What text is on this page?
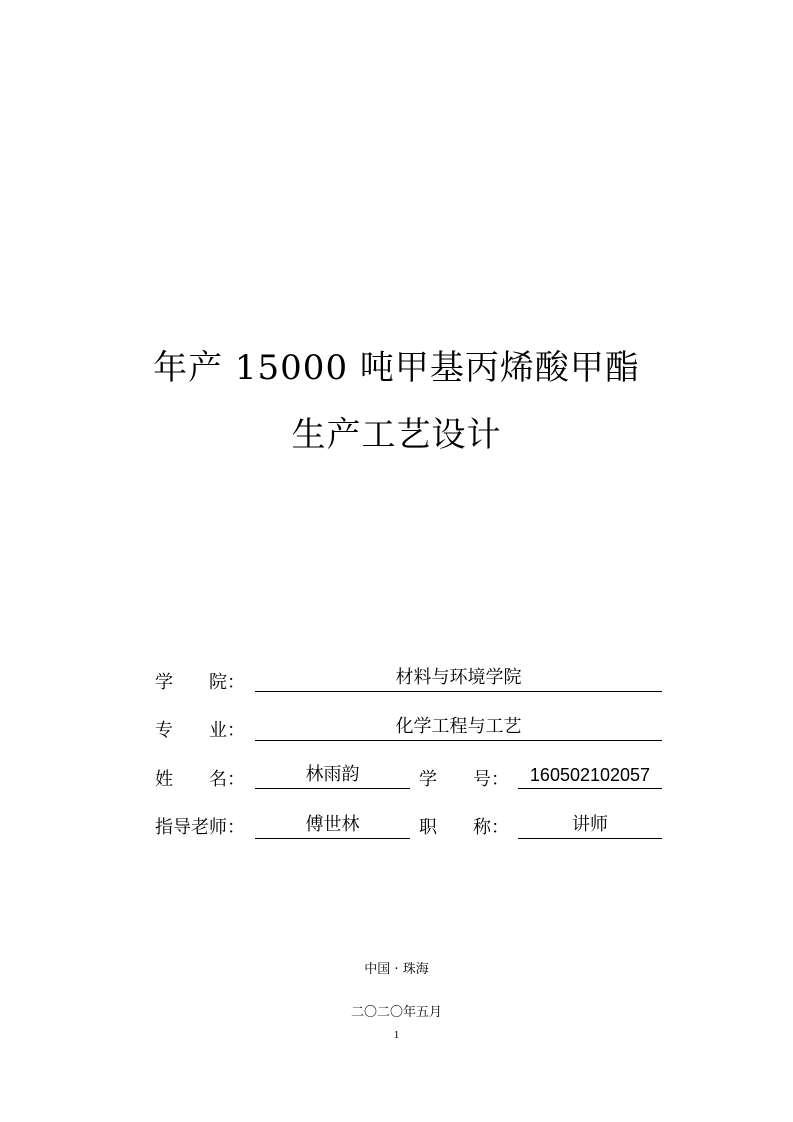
年产 15000 吨甲基丙烯酸甲酯
生产工艺设计
学　　院：	材料与环境学院
专　　业：	化学工程与工艺
姓　　名：	林雨韵	学　　号：	160502102057
指导老师：	傅世林	职　　称：	讲师
中国 · 珠海
二〇二〇年五月
1
